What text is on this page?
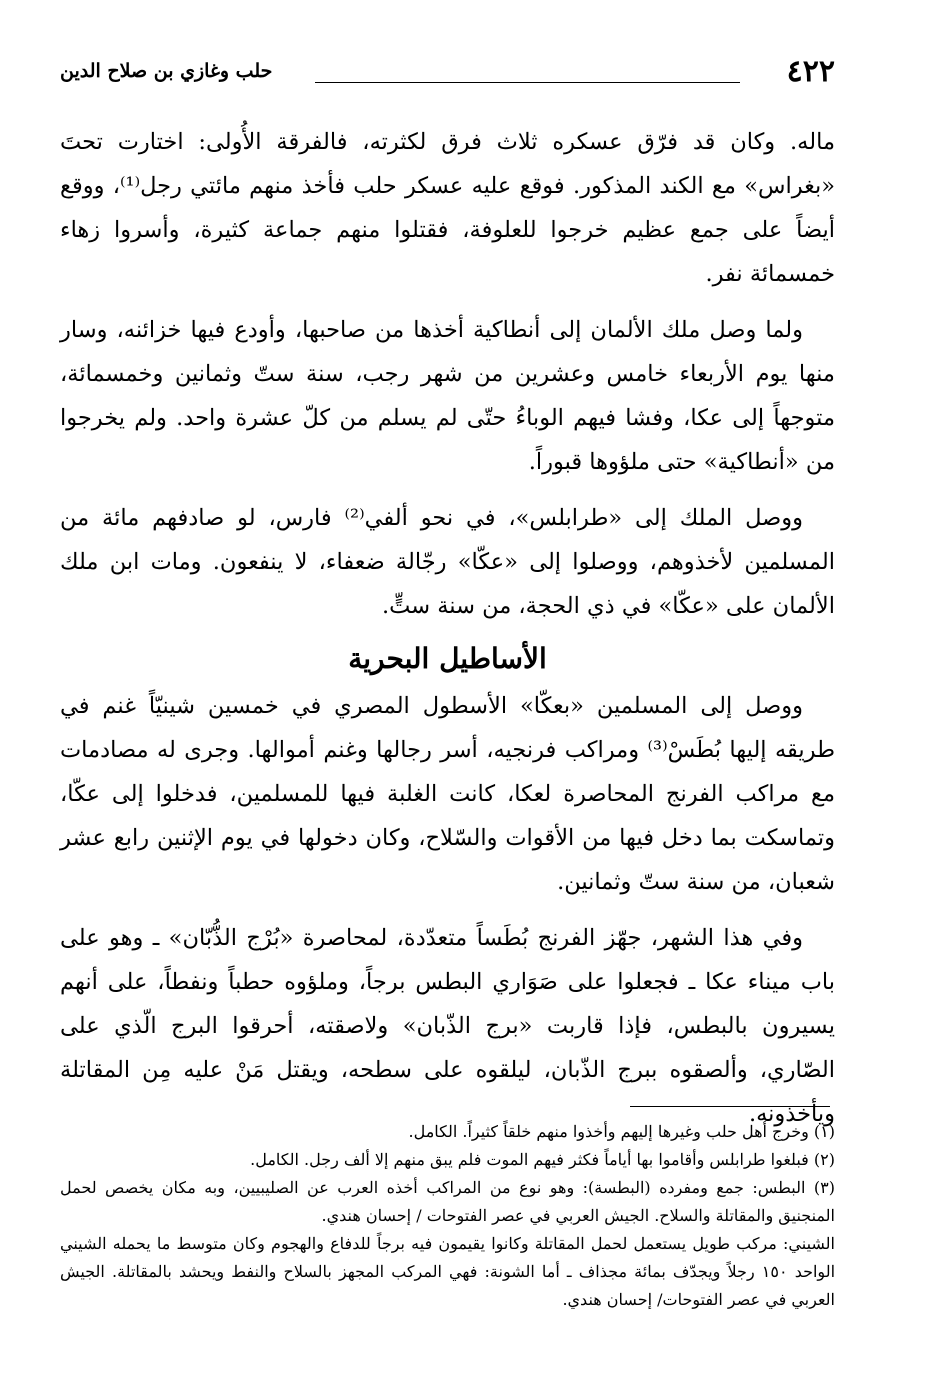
٤٢٢
حلب وغازي بن صلاح الدين

ماله. وكان قد فرّق عسكره ثلاث فرق لكثرته، فالفرقة الأُولى: اختارت تحتَ «بغراس» مع الكند المذكور. فوقع عليه عسكر حلب فأخذ منهم مائتي رجل⁽¹⁾، ووقع أيضاً على جمع عظيم خرجوا للعلوفة، فقتلوا منهم جماعة كثيرة، وأسروا زهاء خمسمائة نفر.

ولما وصل ملك الألمان إلى أنطاكية أخذها من صاحبها، وأودع فيها خزائنه، وسار منها يوم الأربعاء خامس وعشرين من شهر رجب، سنة ستّ وثمانين وخمسمائة، متوجهاً إلى عكا، وفشا فيهم الوباءُ حتّى لم يسلم من كلّ عشرة واحد. ولم يخرجوا من «أنطاكية» حتى ملؤوها قبوراً.

ووصل الملك إلى «طرابلس»، في نحو ألفي⁽²⁾ فارس، لو صادفهم مائة من المسلمين لأخذوهم، ووصلوا إلى «عكّا» رجّالة ضعفاء، لا ينفعون. ومات ابن ملك الألمان على «عكّا» في ذي الحجة، من سنة ستٍّ.

الأساطيل البحرية

ووصل إلى المسلمين «بعكّا» الأسطول المصري في خمسين شينيّاً غنم في طريقه إليها بُطَسْ⁽³⁾ ومراكب فرنجيه، أسر رجالها وغنم أموالها. وجرى له مصادمات مع مراكب الفرنج المحاصرة لعكا، كانت الغلبة فيها للمسلمين، فدخلوا إلى عكّا، وتماسكت بما دخل فيها من الأقوات والسّلاح، وكان دخولها في يوم الإثنين رابع عشر شعبان، من سنة ستّ وثمانين.

وفي هذا الشهر، جهّز الفرنج بُطَساً متعدّدة، لمحاصرة «بُرْج الذُّبّان» ـ وهو على باب ميناء عكا ـ فجعلوا على صَوَاري البطس برجاً، وملؤوه حطباً ونفطاً، على أنهم يسيرون بالبطس، فإذا قاربت «برج الذّبان» ولاصقته، أحرقوا البرج الّذي على الصّاري، وألصقوه ببرج الذّبان، ليلقوه على سطحه، ويقتل مَنْ عليه مِن المقاتلة ويأخذونه.

(١) وخرج أهل حلب وغيرها إليهم وأخذوا منهم خلقاً كثيراً. الكامل.

(٢) فبلغوا طرابلس وأقاموا بها أياماً فكثر فيهم الموت فلم يبق منهم إلا ألف رجل. الكامل.

(٣) البطس: جمع ومفرده (البطسة): وهو نوع من المراكب أخذه العرب عن الصليبيين، وبه مكان يخصص لحمل المنجنيق والمقاتلة والسلاح. الجيش العربي في عصر الفتوحات / إحسان هندي.

الشيني: مركب طويل يستعمل لحمل المقاتلة وكانوا يقيمون فيه برجاً للدفاع والهجوم وكان متوسط ما يحمله الشيني الواحد ١٥٠ رجلاً ويجدّف بمائة مجذاف ـ أما الشونة: فهي المركب المجهز بالسلاح والنفط ويحشد بالمقاتلة. الجيش العربي في عصر الفتوحات/ إحسان هندي.
